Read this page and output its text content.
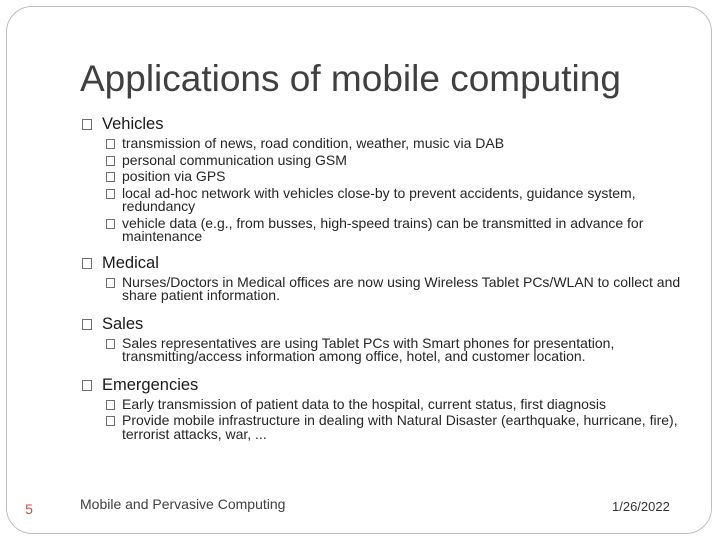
Applications of mobile computing
Vehicles
transmission of news, road condition, weather, music via DAB
personal communication using GSM
position via GPS
local ad-hoc network with vehicles close-by to prevent accidents, guidance system, redundancy
vehicle data (e.g., from busses, high-speed trains) can be transmitted in advance for maintenance
Medical
Nurses/Doctors in Medical offices are now using Wireless Tablet PCs/WLAN to collect and share patient information.
Sales
Sales representatives are using Tablet PCs with Smart phones for presentation, transmitting/access information among office, hotel, and customer location.
Emergencies
Early transmission of patient data to the hospital, current status, first diagnosis
Provide mobile infrastructure in dealing with Natural Disaster (earthquake, hurricane, fire), terrorist attacks, war, ...
5	Mobile and Pervasive Computing	1/26/2022
